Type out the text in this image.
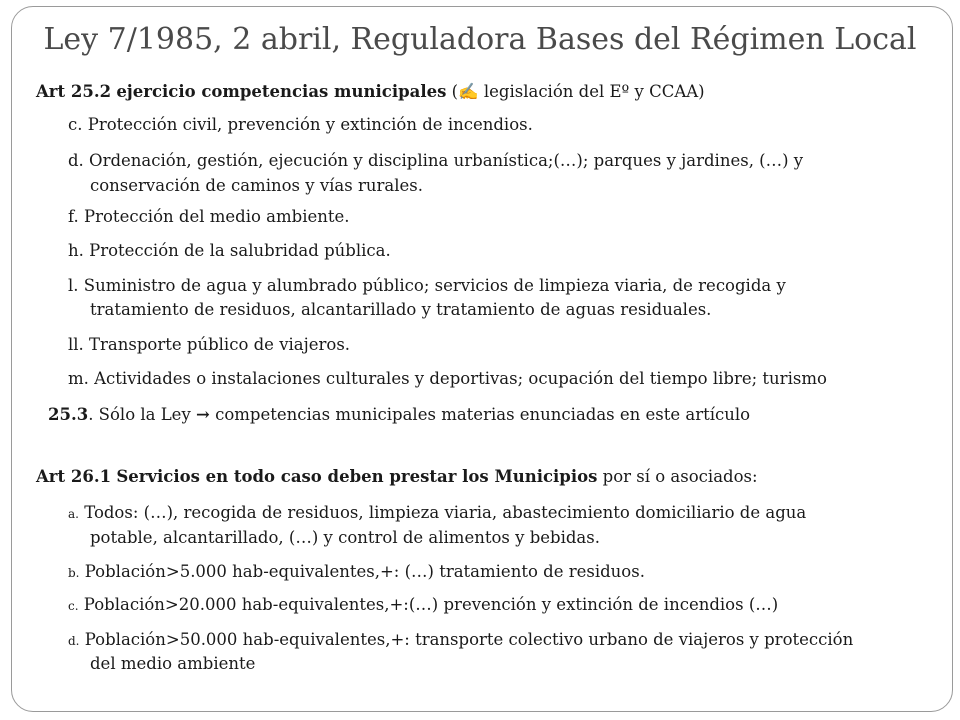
Ley 7/1985, 2 abril, Reguladora Bases del Régimen Local
Art 25.2 ejercicio competencias municipales (✍ legislación del Eº y CCAA)
c. Protección civil, prevención y extinción de incendios.
d. Ordenación, gestión, ejecución y disciplina urbanística;(…); parques y jardines, (…) y
conservación de caminos y vías rurales.
f. Protección del medio ambiente.
h. Protección de la salubridad pública.
l. Suministro de agua y alumbrado público; servicios de limpieza viaria, de recogida y
tratamiento de residuos, alcantarillado y tratamiento de aguas residuales.
ll. Transporte público de viajeros.
m. Actividades o instalaciones culturales y deportivas; ocupación del tiempo libre; turismo
25.3. Sólo la Ley → competencias municipales materias enunciadas en este artículo
Art 26.1 Servicios en todo caso deben prestar los Municipios por sí o asociados:
a. Todos: (…), recogida de residuos, limpieza viaria, abastecimiento domiciliario de agua
potable, alcantarillado, (…) y control de alimentos y bebidas.
b. Población>5.000 hab-equivalentes,+: (…) tratamiento de residuos.
c. Población>20.000 hab-equivalentes,+:(…) prevención y extinción de incendios (…)
d. Población>50.000 hab-equivalentes,+: transporte colectivo urbano de viajeros y protección
del medio ambiente
